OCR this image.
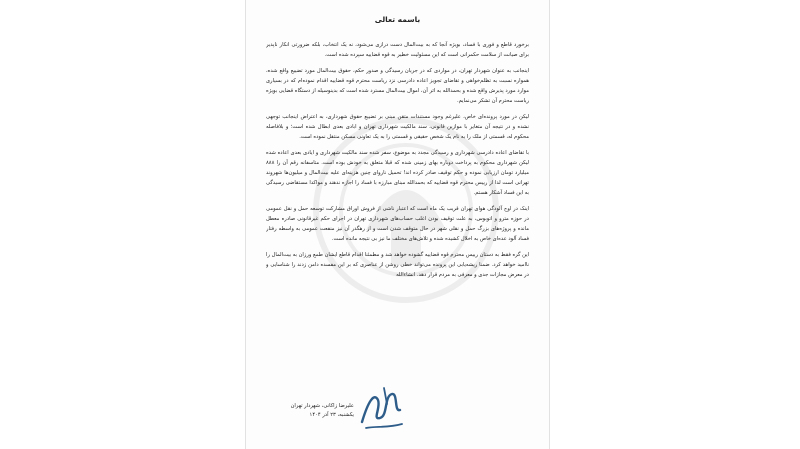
باسمه تعالی

برخورد قاطع و فوری با فساد، بویژه آنجا که به بیت‌المال دست درازی می‌شود، نه یک انتخاب، بلکه ضرورتی انکار ناپذیر برای صیانت از سلامت حکمرانی است که این مسئولیت خطیر به قوه قضاییه سپرده شده است.

اینجانب به عنوان شهردار تهران، در مواردی که در جریان رسیدگی و صدور حکم، حقوق بیت‌المال مورد تضییع واقع شده، همواره نسبت به تظلم‌خواهی و تقاضای تجویز اعاده دادرسی نزد ریاست محترم قوه قضاییه اقدام نموده‌ام که در بسیاری موارد مورد پذیرش واقع شده و بحمدالله به اثر آن، اموال بیت‌المال مسترد شده است که بدینوسیله از دستگاه قضایی بویژه ریاست محترم آن تشکر می‌نمایم.

لیکن در مورد پرونده‌ای خاص، علیرغم وجود مستندات متقن مبنی بر تضییع حقوق شهرداری، به اعتراض اینجانب توجهی نشده و در نتیجه آن متغایر با موازین قانونی، سند مالکیت شهرداری تهران و ابادی بعدی ابطال شده است؛ و بلافاصله محکوم له، قسمتی از ملک را به نام یک شخص حقیقی و قسمتی را به یک تعاونی مسکن منتقل نموده است.

با تقاضای اعاده دادرسی شهرداری و رسیدگی مجدد به موضوع، سفر شده سند مالکیت شهرداری و ایادی بعدی اعاده شده لیکن شهرداری محکوم به پرداخت دوباره بهای زمینی شده که قبلا متعلق به خودش بوده است. متاسفانه رقم آن را ۸۸۸ میلیارد تومان ارزیابی نموده و حکم توقیف صادر کرده اند! تحمیل ناروای چنین هزینه‌ای علیه بیت‌المال و میلیون‌ها شهروند تهرانی است لذا از رییس محترم قوه قضاییه که بحمدالله مبنای مبارزه با فساد را اجازه ندهند و مواکدا مستقاضی رسیدگی به این فساد آشکار هستم.

اینک در اوج آلودگی هوای تهران قریب یک ماه است که اعتبار ناشی از فروش اوراق مشارکت توسعه حمل و نقل عمومی در حوزه مترو و اتوبوس، به علت توقیف بودن اغلب حساب‌های شهرداری تهران در اجرای حکم غیرقانونی صادره معطل مانده و پروژه‌های بزرگ حمل و نقلی شهر در حال متوقف شدن است و از رهگذر آن نیز منفعت عمومی به واسطه رفتار فساد آلود عده‌ای خاص به اخلال کشیده شده و تلاش‌های مختلف ما نیز بی نتیجه مانده است.

این گره فقط به دستان رییس محترم قوه قضاییه گشوده خواهد شد و مطمئنا اقدام قاطع ایشان طمع ورزان به بیت‌المال را ناامید خواهد کرد. ضمنا ریشه‌یابی این پرونده می‌تواند خطی روشن از عناصری که بر این مفسده دامن زدند را شناسایی و در معرض مجازات جدی و معرفی به مردم قرار دهد. انشاءالله

علیرضا زاکانی، شهردار تهران
یکشنبه، ۲۳ آذر ۱۴۰۴
